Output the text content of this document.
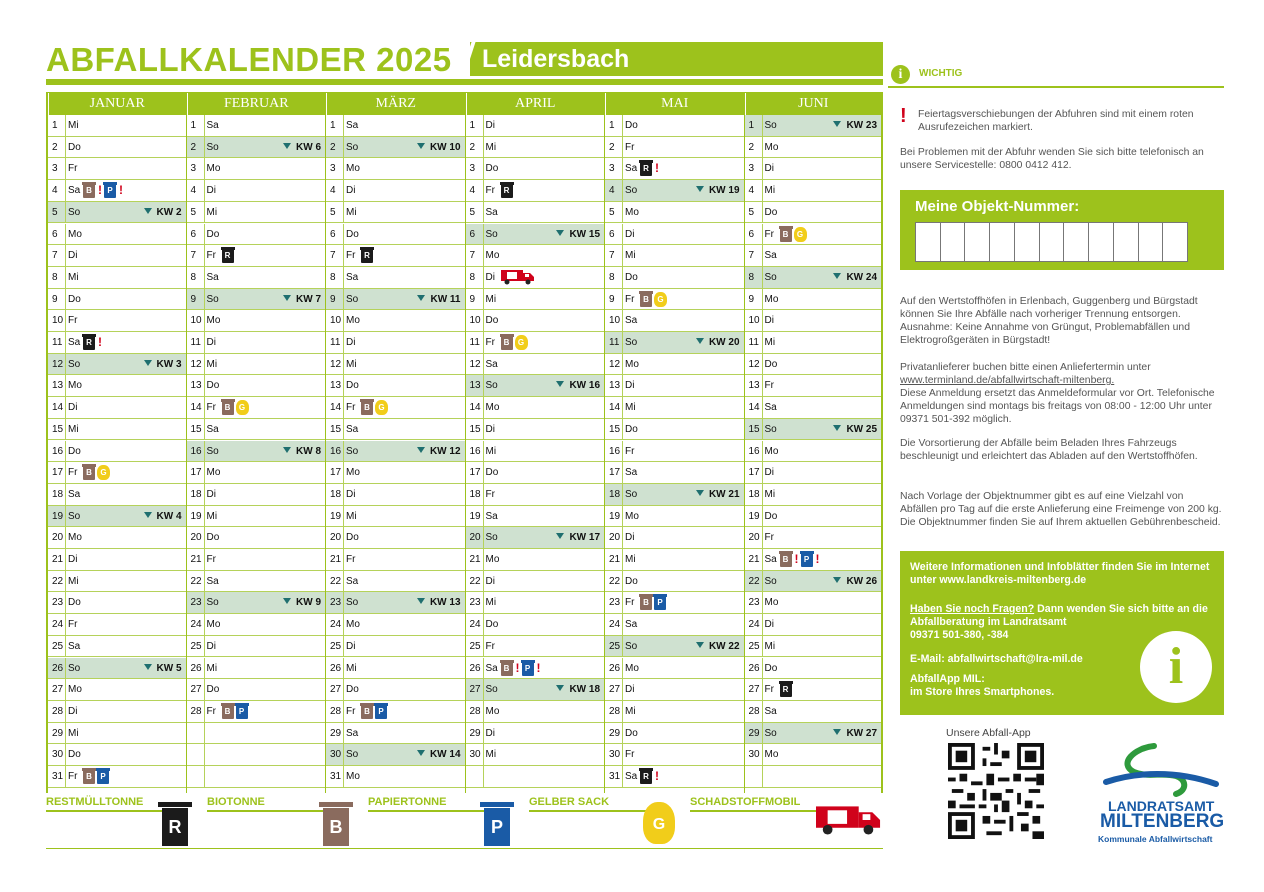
ABFALLKALENDER 2025	Leidersbach
JANUAR
1	Mi
2	Do
3	Fr
4	Sa B ! P !
5	So	KW 2
6	Mo
7	Di
8	Mi
9	Do
10 Fr
11 Sa R !
12 So	KW 3
13 Mo
14 Di
15 Mi
16 Do
17 Fr	B	G
18 Sa
19 So	KW 4
20 Mo
21 Di
22 Mi
23 Do
24 Fr
25 Sa
26 So	KW 5
27 Mo
28 Di
29 Mi
30 Do
31 Fr	B	P
FEBRUAR
1	Sa
2	So	KW 6
3	Mo
4	Di
5	Mi
6	Do
7	Fr	R
8	Sa
9	So	KW 7
10 Mo
11 Di
12 Mi
13 Do
14 Fr	B	G
15 Sa
16 So	KW 8
17 Mo
18 Di
19 Mi
20 Do
21 Fr
22 Sa
23 So	KW 9
24 Mo
25 Di
26 Mi
27 Do
28 Fr	B	P
MÄRZ
1	Sa
2	So	KW 10
3	Mo
4	Di
5	Mi
6	Do
7	Fr	R
8	Sa
9	So	KW 11
10 Mo
11 Di
12 Mi
13 Do
14 Fr	B	G
15 Sa
16 So	KW 12
17 Mo
18 Di
19 Mi
20 Do
21 Fr
22 Sa
23 So	KW 13
24 Mo
25 Di
26 Mi
27 Do
28 Fr	B	P
29 Sa
30 So	KW 14
31 Mo
APRIL
1	Di
2	Mi
3	Do
4	Fr	R
5	Sa
6	So	KW 15
7	Mo
8	Di
9	Mi
10 Do
11 Fr	B	G
12 Sa
13 So	KW 16
14 Mo
15 Di
16 Mi
17 Do
18 Fr
19 Sa
20 So	KW 17
21 Mo
22 Di
23 Mi
24 Do
25 Fr
26 Sa B ! P !
27 So	KW 18
28 Mo
29 Di
30 Mi
MAI
1	Do
2	Fr
3	Sa R !
4	So	KW 19
5	Mo
6	Di
7	Mi
8	Do
9	Fr	B	G
10 Sa
11 So	KW 20
12 Mo
13 Di
14 Mi
15 Do
16 Fr
17 Sa
18 So	KW 21
19 Mo
20 Di
21 Mi
22 Do
23 Fr	B	P
24 Sa
25 So	KW 22
26 Mo
27 Di
28 Mi
29 Do
30 Fr
31 Sa R !
JUNI
1	So	KW 23
2	Mo
3	Di
4	Mi
5	Do
6	Fr	B	G
7	Sa
8	So	KW 24
9	Mo
10 Di
11 Mi
12 Do
13 Fr
14 Sa
15 So	KW 25
16 Mo
17 Di
18 Mi
19 Do
20 Fr
21 Sa B ! P !
22 So	KW 26
23 Mo
24 Di
25 Mi
26 Do
27 Fr	R
28 Sa
29 So	KW 27
30 Mo
RESTMÜLLTONNE
R
BIOTONNE
B
PAPIERTONNE
P
GELBER SACK
G
SCHADSTOFFMOBIL
i	WICHTIG
! Feiertagsverschiebungen der Abfuhren sind mit einem roten Ausrufezeichen markiert.
Bei Problemen mit der Abfuhr wenden Sie sich bitte telefonisch an unsere Servicestelle: 0800 0412 412.
Meine Objekt-Nummer:
Auf den Wertstoffhöfen in Erlenbach, Guggenberg und Bürgstadt können Sie Ihre Abfälle nach vorheriger Trennung entsorgen. Ausnahme: Keine Annahme von Grüngut, Problemabfällen und Elektrogroßgeräten in Bürgstadt!
Privatanlieferer buchen bitte einen Anliefertermin unter
www.terminland.de/abfallwirtschaft-miltenberg.
Diese Anmeldung ersetzt das Anmeldeformular vor Ort. Telefonische Anmeldungen sind montags bis freitags von 08:00 - 12:00 Uhr unter 09371 501-392 möglich.
Die Vorsortierung der Abfälle beim Beladen Ihres Fahrzeugs beschleunigt und erleichtert das Abladen auf den Wertstoffhöfen.
Nach Vorlage der Objektnummer gibt es auf eine Vielzahl von Abfällen pro Tag auf die erste Anlieferung eine Freimenge von 200 kg. Die Objektnummer finden Sie auf Ihrem aktuellen Gebührenbescheid.
Weitere Informationen und Infoblätter finden Sie im Internet unter www.landkreis-miltenberg.de
Haben Sie noch Fragen? Dann wenden Sie sich bitte an die Abfallberatung im Landratsamt
09371 501-380, -384
E-Mail: abfallwirtschaft@lra-mil.de
AbfallApp MIL:
im Store Ihres Smartphones.	i
Unsere Abfall-App
LANDRATSAMT
MILTENBERG
Kommunale Abfallwirtschaft
